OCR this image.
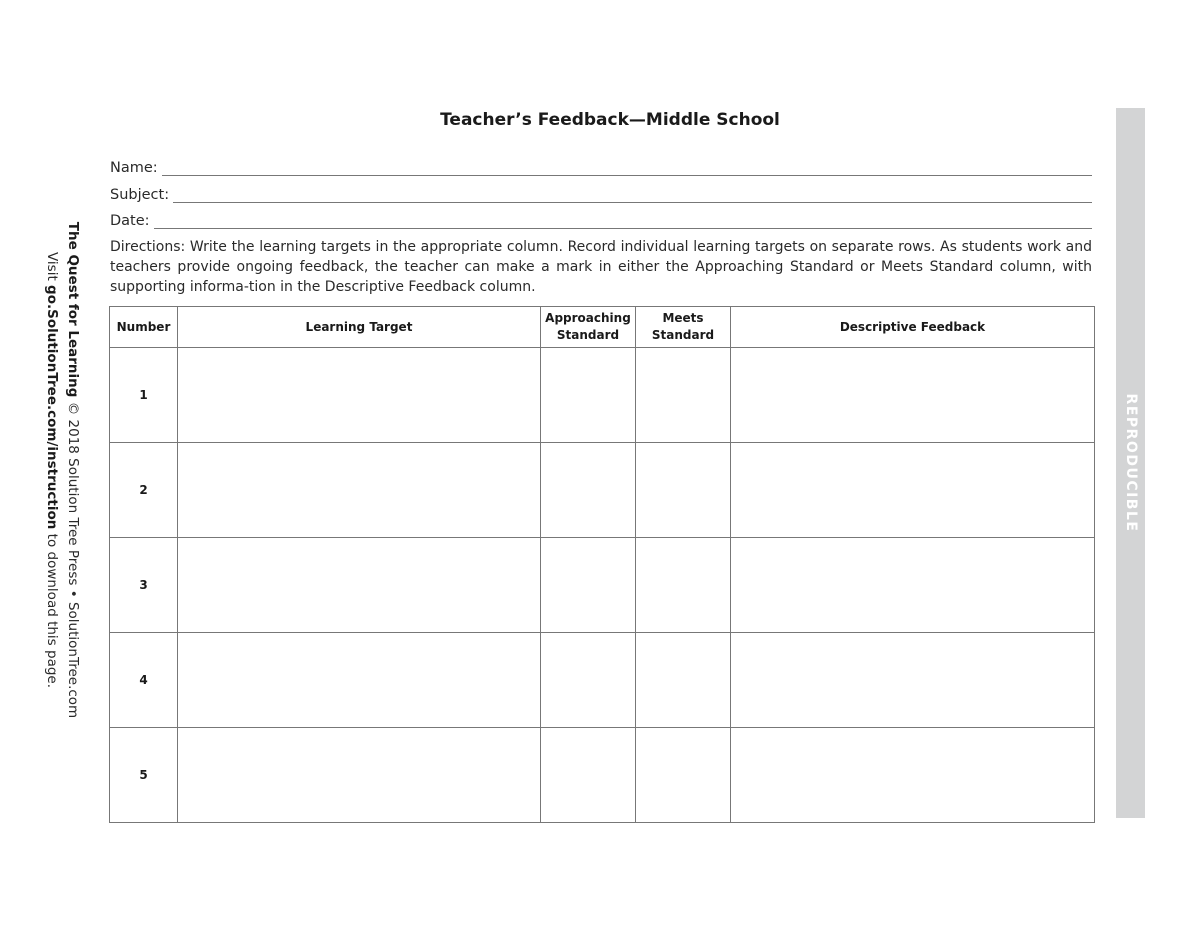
Teacher’s Feedback—Middle School
Name:
Subject:
Date:
Directions: Write the learning targets in the appropriate column. Record individual learning targets on separate rows. As students work and teachers provide ongoing feedback, the teacher can make a mark in either the Approaching Standard or Meets Standard column, with supporting informa-tion in the Descriptive Feedback column.
Number	Learning Target	Approaching Standard	Meets Standard	Descriptive Feedback
1				
2				
3				
4				
5				
The Quest for Learning © 2018 Solution Tree Press • SolutionTree.com
Visit go.SolutionTree.com/instruction to download this page.
REPRODUCIBLE
